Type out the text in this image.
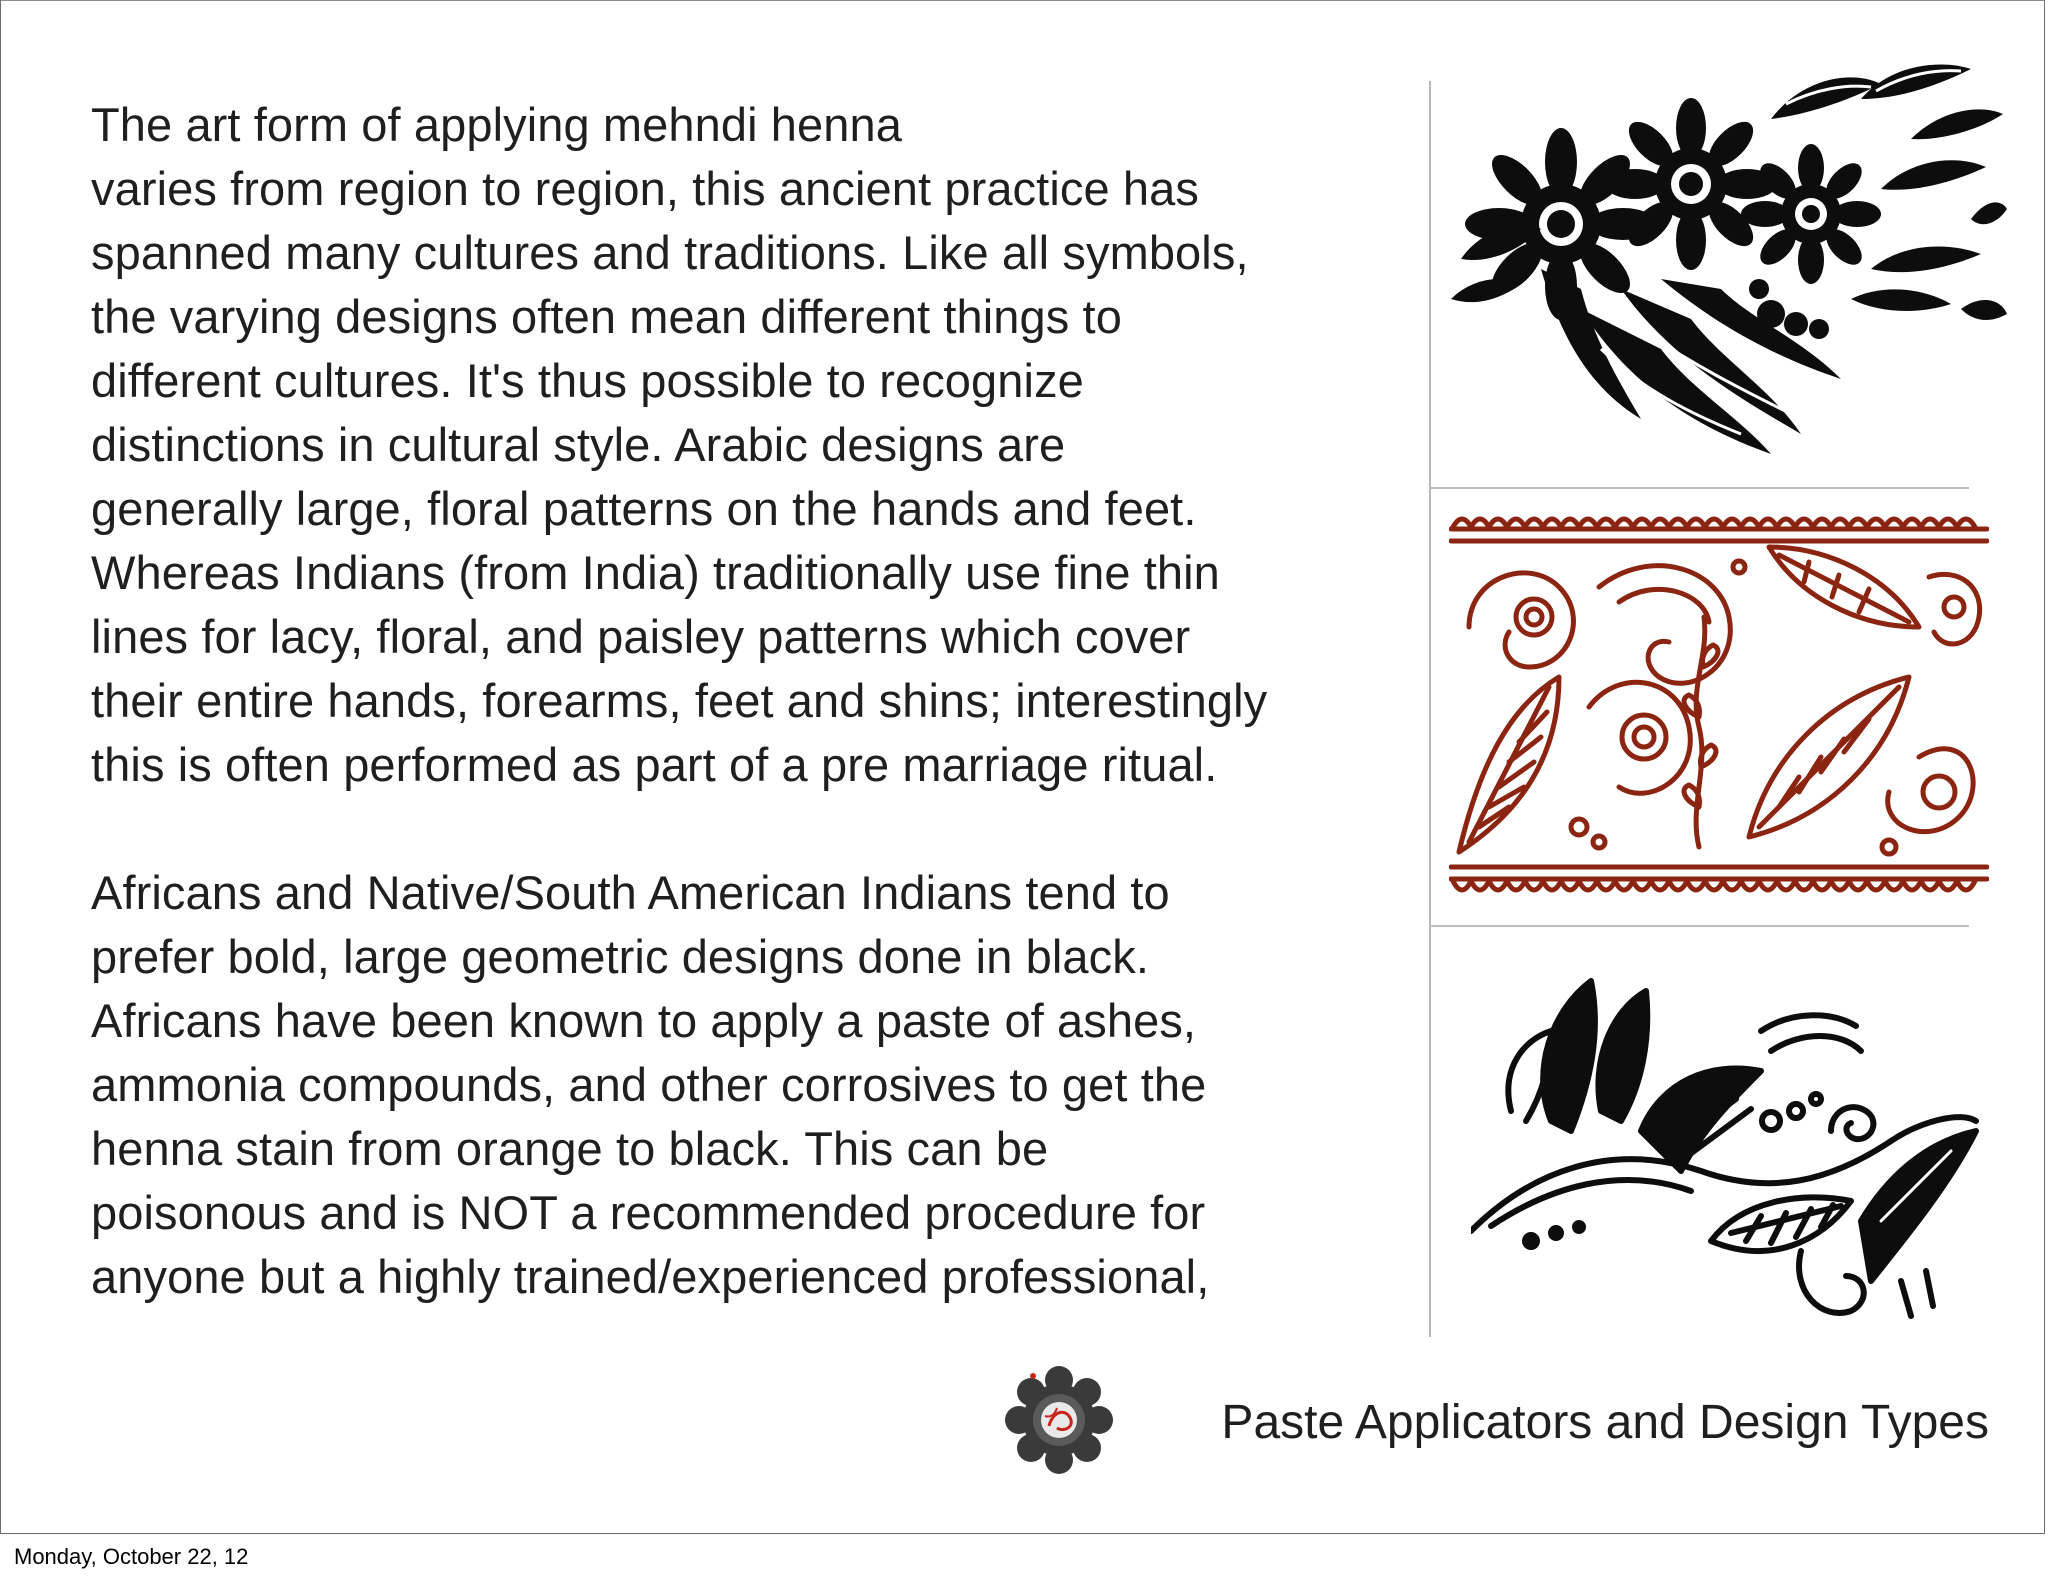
The art form of applying mehndi henna
varies from region to region, this ancient practice has
spanned many cultures and traditions. Like all symbols,
the varying designs often mean different things to
different cultures. It's thus possible to recognize
distinctions in cultural style. Arabic designs are
generally large, floral patterns on the hands and feet.
Whereas Indians (from India) traditionally use fine thin
lines for lacy, floral, and paisley patterns which cover
their entire hands, forearms, feet and shins; interestingly
this is often performed as part of a pre marriage ritual.

Africans and Native/South American Indians tend to
prefer bold, large geometric designs done in black.
Africans have been known to apply a paste of ashes,
ammonia compounds, and other corrosives to get the
henna stain from orange to black. This can be
poisonous and is NOT a recommended procedure for
anyone but a highly trained/experienced professional,

Paste Applicators and Design Types
Monday, October 22, 12
